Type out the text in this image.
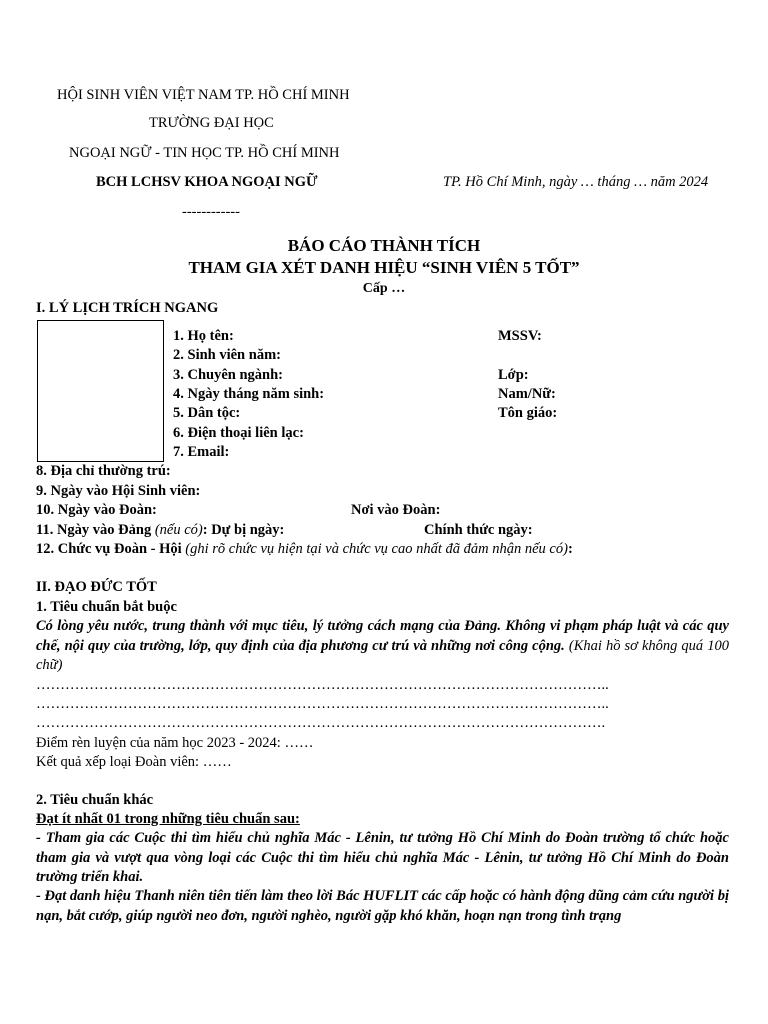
HỘI SINH VIÊN VIỆT NAM TP. HỒ CHÍ MINH
TRƯỜNG ĐẠI HỌC
NGOẠI NGỮ - TIN HỌC TP. HỒ CHÍ MINH
BCH LCHSV KHOA NGOẠI NGỮ	TP. Hồ Chí Minh, ngày … tháng … năm 2024
------------
BÁO CÁO THÀNH TÍCH
THAM GIA XÉT DANH HIỆU “SINH VIÊN 5 TỐT”
Cấp …
I. LÝ LỊCH TRÍCH NGANG
1. Họ tên:	MSSV:
2. Sinh viên năm:
3. Chuyên ngành:	Lớp:
4. Ngày tháng năm sinh:	Nam/Nữ:
5. Dân tộc:	Tôn giáo:
6. Điện thoại liên lạc:
7. Email:
8. Địa chỉ thường trú:
9. Ngày vào Hội Sinh viên:
10. Ngày vào Đoàn:	Nơi vào Đoàn:
11. Ngày vào Đảng (nếu có): Dự bị ngày:	Chính thức ngày:
12. Chức vụ Đoàn - Hội (ghi rõ chức vụ hiện tại và chức vụ cao nhất đã đảm nhận nếu có):
II. ĐẠO ĐỨC TỐT
1. Tiêu chuẩn bắt buộc
Có lòng yêu nước, trung thành với mục tiêu, lý tưởng cách mạng của Đảng. Không vi phạm pháp luật và các quy chế, nội quy của trường, lớp, quy định của địa phương cư trú và những nơi công cộng. (Khai hồ sơ không quá 100 chữ)
………………………………………………………………………………………………………..
………………………………………………………………………………………………………..
……………………………………………………………………………………………………….
Điểm rèn luyện của năm học 2023 - 2024: ……
Kết quả xếp loại Đoàn viên: ……
2. Tiêu chuẩn khác
Đạt ít nhất 01 trong những tiêu chuẩn sau:
- Tham gia các Cuộc thi tìm hiểu chủ nghĩa Mác - Lênin, tư tưởng Hồ Chí Minh do Đoàn trường tổ chức hoặc tham gia và vượt qua vòng loại các Cuộc thi tìm hiểu chủ nghĩa Mác - Lênin, tư tưởng Hồ Chí Minh do Đoàn trường triển khai.
- Đạt danh hiệu Thanh niên tiên tiến làm theo lời Bác HUFLIT các cấp hoặc có hành động dũng cảm cứu người bị nạn, bắt cướp, giúp người neo đơn, người nghèo, người gặp khó khăn, hoạn nạn trong tình trạng
